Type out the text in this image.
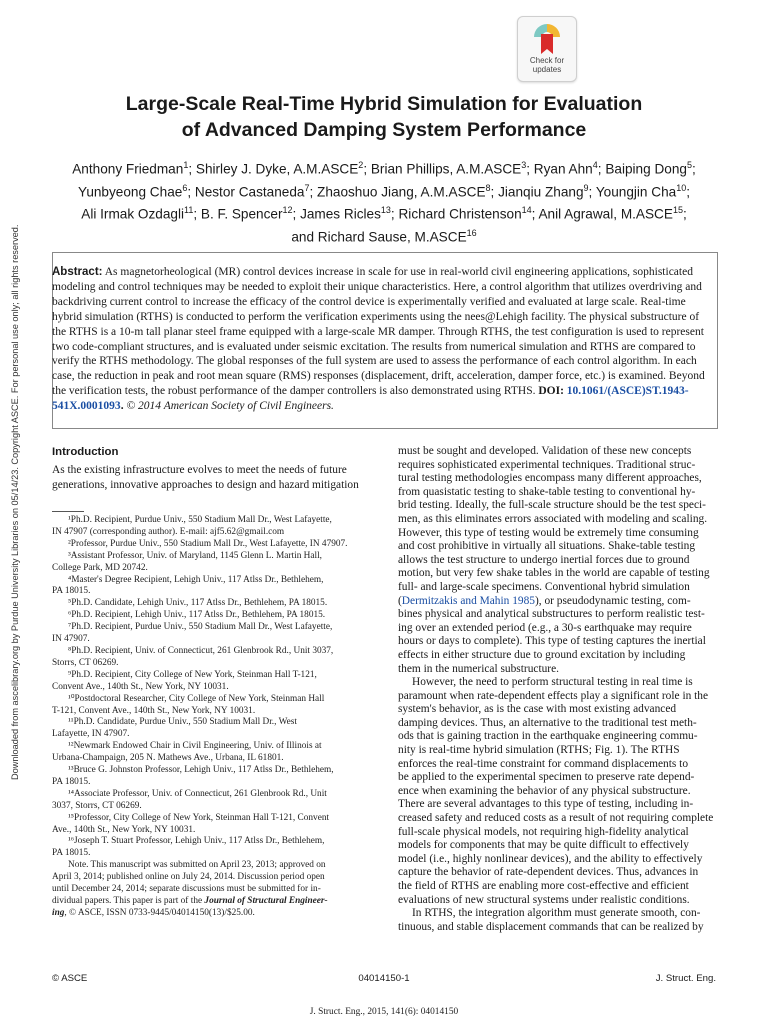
Downloaded from ascelibrary.org by Purdue University Libraries on 05/14/23. Copyright ASCE. For personal use only; all rights reserved.
Check for
updates
Large-Scale Real-Time Hybrid Simulation for Evaluation
of Advanced Damping System Performance
Anthony Friedman$^1$; Shirley J. Dyke, A.M.ASCE$^2$; Brian Phillips, A.M.ASCE$^3$; Ryan Ahn$^4$; Baiping Dong$^5$;
Yunbyeong Chae$^6$; Nestor Castaneda$^7$; Zhaoshuo Jiang, A.M.ASCE$^8$; Jianqiu Zhang$^9$; Youngjin Cha$^{10}$;
Ali Irmak Ozdagli$^{11}$; B. F. Spencer$^{12}$; James Ricles$^{13}$; Richard Christenson$^{14}$; Anil Agrawal, M.ASCE$^{15}$;
and Richard Sause, M.ASCE$^{16}$
Abstract: As magnetorheological (MR) control devices increase in scale for use in real-world civil engineering applications, sophisticated
modeling and control techniques may be needed to exploit their unique characteristics. Here, a control algorithm that utilizes overdriving and
backdriving current control to increase the efficacy of the control device is experimentally verified and evaluated at large scale. Real-time
hybrid simulation (RTHS) is conducted to perform the verification experiments using the nees@Lehigh facility. The physical substructure of
the RTHS is a 10-m tall planar steel frame equipped with a large-scale MR damper. Through RTHS, the test configuration is used to represent
two code-compliant structures, and is evaluated under seismic excitation. The results from numerical simulation and RTHS are compared to
verify the RTHS methodology. The global responses of the full system are used to assess the performance of each control algorithm. In each
case, the reduction in peak and root mean square (RMS) responses (displacement, drift, acceleration, damper force, etc.) is examined. Beyond
the verification tests, the robust performance of the damper controllers is also demonstrated using RTHS. DOI: 10.1061/(ASCE)ST.1943-
541X.0001093. © 2014 American Society of Civil Engineers.
Introduction
As the existing infrastructure evolves to meet the needs of future
generations, innovative approaches to design and hazard mitigation
¹Ph.D. Recipient, Purdue Univ., 550 Stadium Mall Dr., West Lafayette,
IN 47907 (corresponding author). E-mail: ajf5.62@gmail.com
²Professor, Purdue Univ., 550 Stadium Mall Dr., West Lafayette, IN 47907.
³Assistant Professor, Univ. of Maryland, 1145 Glenn L. Martin Hall,
College Park, MD 20742.
⁴Master's Degree Recipient, Lehigh Univ., 117 Atlss Dr., Bethlehem,
PA 18015.
⁵Ph.D. Candidate, Lehigh Univ., 117 Atlss Dr., Bethlehem, PA 18015.
⁶Ph.D. Recipient, Lehigh Univ., 117 Atlss Dr., Bethlehem, PA 18015.
⁷Ph.D. Recipient, Purdue Univ., 550 Stadium Mall Dr., West Lafayette,
IN 47907.
⁸Ph.D. Recipient, Univ. of Connecticut, 261 Glenbrook Rd., Unit 3037,
Storrs, CT 06269.
⁹Ph.D. Recipient, City College of New York, Steinman Hall T-121,
Convent Ave., 140th St., New York, NY 10031.
¹⁰Postdoctoral Researcher, City College of New York, Steinman Hall
T-121, Convent Ave., 140th St., New York, NY 10031.
¹¹Ph.D. Candidate, Purdue Univ., 550 Stadium Mall Dr., West
Lafayette, IN 47907.
¹²Newmark Endowed Chair in Civil Engineering, Univ. of Illinois at
Urbana-Champaign, 205 N. Mathews Ave., Urbana, IL 61801.
¹³Bruce G. Johnston Professor, Lehigh Univ., 117 Atlss Dr., Bethlehem,
PA 18015.
¹⁴Associate Professor, Univ. of Connecticut, 261 Glenbrook Rd., Unit
3037, Storrs, CT 06269.
¹⁵Professor, City College of New York, Steinman Hall T-121, Convent
Ave., 140th St., New York, NY 10031.
¹⁶Joseph T. Stuart Professor, Lehigh Univ., 117 Atlss Dr., Bethlehem,
PA 18015.
Note. This manuscript was submitted on April 23, 2013; approved on
April 3, 2014; published online on July 24, 2014. Discussion period open
until December 24, 2014; separate discussions must be submitted for in-
dividual papers. This paper is part of the Journal of Structural Engineer-
ing, © ASCE, ISSN 0733-9445/04014150(13)/$25.00.
must be sought and developed. Validation of these new concepts
requires sophisticated experimental techniques. Traditional struc-
tural testing methodologies encompass many different approaches,
from quasistatic testing to shake-table testing to conventional hy-
brid testing. Ideally, the full-scale structure should be the test speci-
men, as this eliminates errors associated with modeling and scaling.
However, this type of testing would be extremely time consuming
and cost prohibitive in virtually all situations. Shake-table testing
allows the test structure to undergo inertial forces due to ground
motion, but very few shake tables in the world are capable of testing
full- and large-scale specimens. Conventional hybrid simulation
(Dermitzakis and Mahin 1985), or pseudodynamic testing, com-
bines physical and analytical substructures to perform realistic test-
ing over an extended period (e.g., a 30-s earthquake may require
hours or days to complete). This type of testing captures the inertial
effects in either structure due to ground excitation by including
them in the numerical substructure.
However, the need to perform structural testing in real time is
paramount when rate-dependent effects play a significant role in the
system's behavior, as is the case with most existing advanced
damping devices. Thus, an alternative to the traditional test meth-
ods that is gaining traction in the earthquake engineering commu-
nity is real-time hybrid simulation (RTHS; Fig. 1). The RTHS
enforces the real-time constraint for command displacements to
be applied to the experimental specimen to preserve rate depend-
ence when examining the behavior of any physical substructure.
There are several advantages to this type of testing, including in-
creased safety and reduced costs as a result of not requiring complete
full-scale physical models, not requiring high-fidelity analytical
models for components that may be quite difficult to effectively
model (i.e., highly nonlinear devices), and the ability to effectively
capture the behavior of rate-dependent devices. Thus, advances in
the field of RTHS are enabling more cost-effective and efficient
evaluations of new structural systems under realistic conditions.
In RTHS, the integration algorithm must generate smooth, con-
tinuous, and stable displacement commands that can be realized by
© ASCE	04014150-1	J. Struct. Eng.
J. Struct. Eng., 2015, 141(6): 04014150
